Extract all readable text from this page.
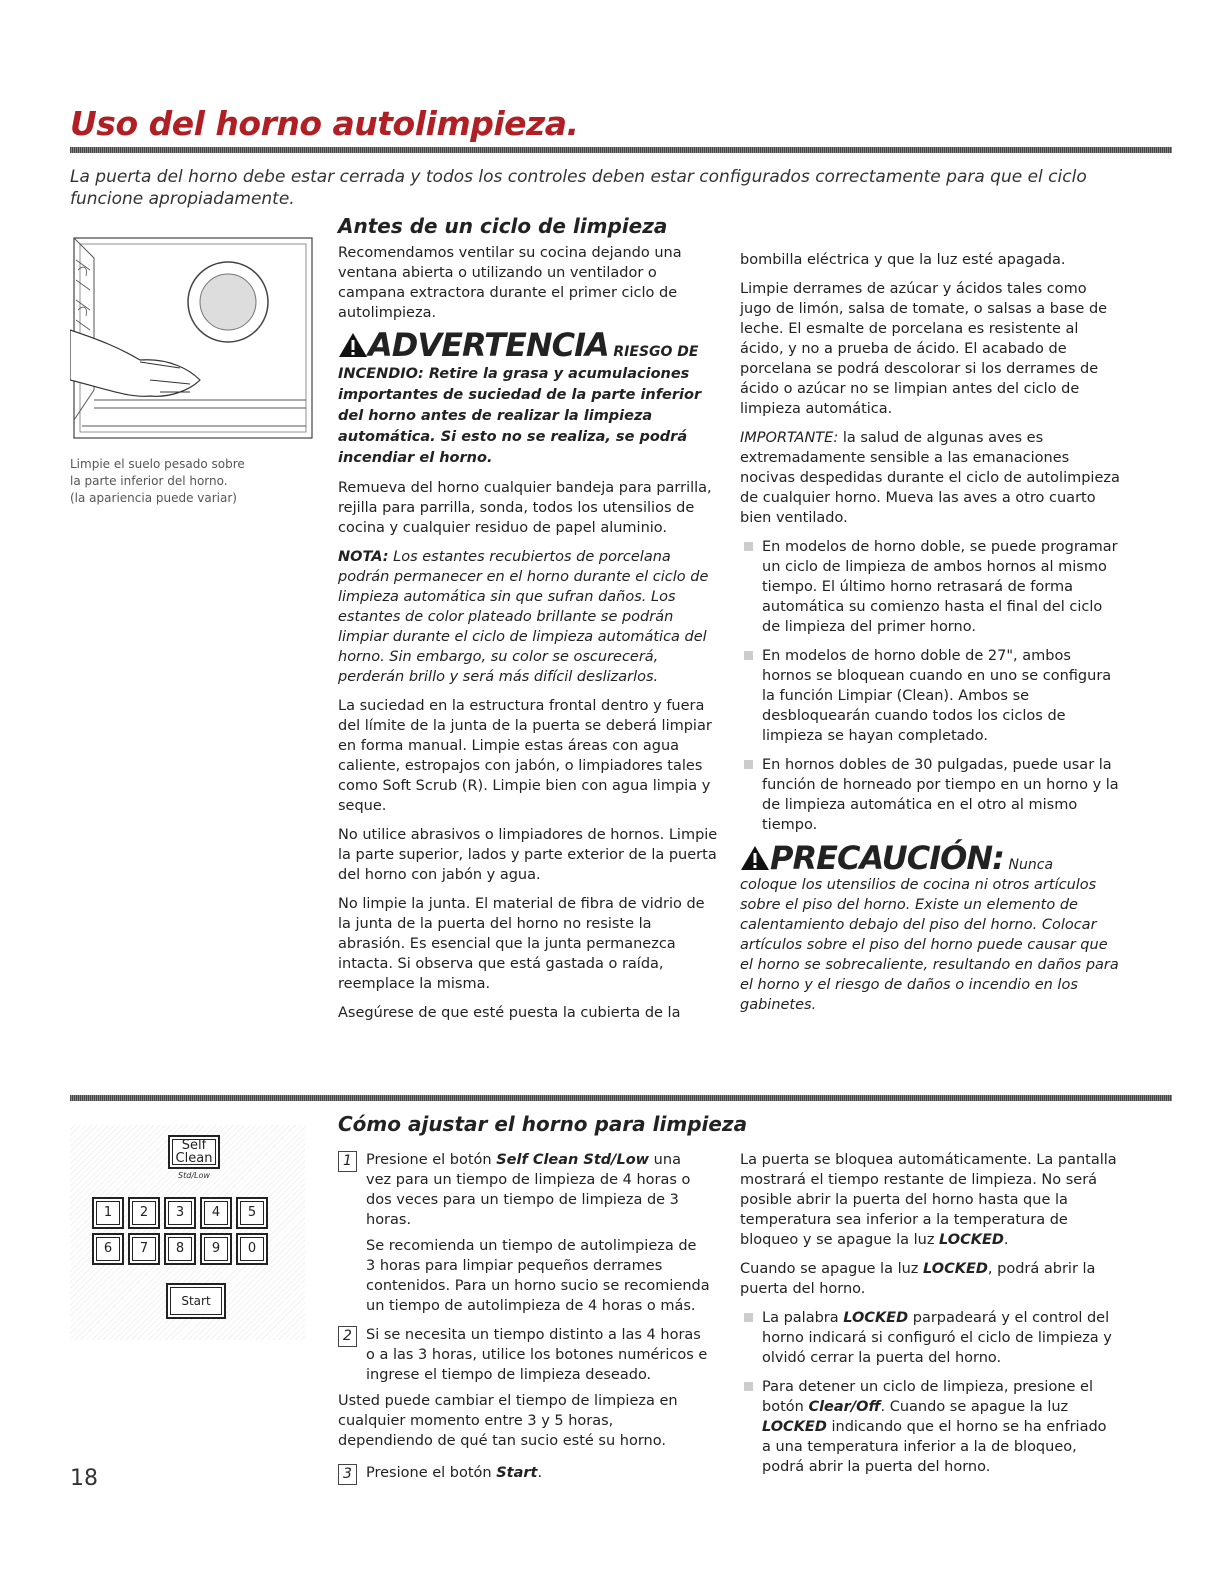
Uso del horno autolimpieza.
La puerta del horno debe estar cerrada y todos los controles deben estar configurados correctamente para que el ciclo funcione apropiadamente.
Limpie el suelo pesado sobre
la parte inferior del horno.
(la apariencia puede variar)
Antes de un ciclo de limpieza

Recomendamos ventilar su cocina dejando una ventana abierta o utilizando un ventilador o campana extractora durante el primer ciclo de autolimpieza.

ADVERTENCIA RIESGO DE

INCENDIO: Retire la grasa y acumulaciones importantes de suciedad de la parte inferior del horno antes de realizar la limpieza automática. Si esto no se realiza, se podrá incendiar el horno.

Remueva del horno cualquier bandeja para parrilla, rejilla para parrilla, sonda, todos los utensilios de cocina y cualquier residuo de papel aluminio.

NOTA: Los estantes recubiertos de porcelana podrán permanecer en el horno durante el ciclo de limpieza automática sin que sufran daños. Los estantes de color plateado brillante se podrán limpiar durante el ciclo de limpieza automática del horno. Sin embargo, su color se oscurecerá, perderán brillo y será más difícil deslizarlos.

La suciedad en la estructura frontal dentro y fuera del límite de la junta de la puerta se deberá limpiar en forma manual. Limpie estas áreas con agua caliente, estropajos con jabón, o limpiadores tales como Soft Scrub (R). Limpie bien con agua limpia y seque.

No utilice abrasivos o limpiadores de hornos. Limpie la parte superior, lados y parte exterior de la puerta del horno con jabón y agua.

No limpie la junta. El material de fibra de vidrio de la junta de la puerta del horno no resiste la abrasión. Es esencial que la junta permanezca intacta. Si observa que está gastada o raída, reemplace la misma.

Asegúrese de que esté puesta la cubierta de la

bombilla eléctrica y que la luz esté apagada.

Limpie derrames de azúcar y ácidos tales como jugo de limón, salsa de tomate, o salsas a base de leche. El esmalte de porcelana es resistente al ácido, y no a prueba de ácido. El acabado de porcelana se podrá descolorar si los derrames de ácido o azúcar no se limpian antes del ciclo de limpieza automática.

IMPORTANTE: la salud de algunas aves es extremadamente sensible a las emanaciones nocivas despedidas durante el ciclo de autolimpieza de cualquier horno. Mueva las aves a otro cuarto bien ventilado.

En modelos de horno doble, se puede programar un ciclo de limpieza de ambos hornos al mismo tiempo. El último horno retrasará de forma automática su comienzo hasta el final del ciclo de limpieza del primer horno.

En modelos de horno doble de 27", ambos hornos se bloquean cuando en uno se configura la función Limpiar (Clean). Ambos se desbloquearán cuando todos los ciclos de limpieza se hayan completado.

En hornos dobles de 30 pulgadas, puede usar la función de horneado por tiempo en un horno y la de limpieza automática en el otro al mismo tiempo.

PRECAUCIÓN: Nunca

coloque los utensilios de cocina ni otros artículos sobre el piso del horno. Existe un elemento de calentamiento debajo del piso del horno. Colocar artículos sobre el piso del horno puede causar que el horno se sobrecaliente, resultando en daños para el horno y el riesgo de daños o incendio en los gabinetes.

Cómo ajustar el horno para limpieza
Self
Clean
Std/Low
1	2	3	4	5
6	7	8	9	0
Start
1 Presione el botón Self Clean Std/Low una vez para un tiempo de limpieza de 4 horas o dos veces para un tiempo de limpieza de 3 horas.

Se recomienda un tiempo de autolimpieza de 3 horas para limpiar pequeños derrames contenidos. Para un horno sucio se recomienda un tiempo de autolimpieza de 4 horas o más.

2 Si se necesita un tiempo distinto a las 4 horas o a las 3 horas, utilice los botones numéricos e ingrese el tiempo de limpieza deseado.

Usted puede cambiar el tiempo de limpieza en cualquier momento entre 3 y 5 horas, dependiendo de qué tan sucio esté su horno.

3 Presione el botón Start.

La puerta se bloquea automáticamente. La pantalla mostrará el tiempo restante de limpieza. No será posible abrir la puerta del horno hasta que la temperatura sea inferior a la temperatura de bloqueo y se apague la luz LOCKED.

Cuando se apague la luz LOCKED, podrá abrir la puerta del horno.

La palabra LOCKED parpadeará y el control del horno indicará si configuró el ciclo de limpieza y olvidó cerrar la puerta del horno.

Para detener un ciclo de limpieza, presione el botón Clear/Off. Cuando se apague la luz LOCKED indicando que el horno se ha enfriado a una temperatura inferior a la de bloqueo, podrá abrir la puerta del horno.

18
